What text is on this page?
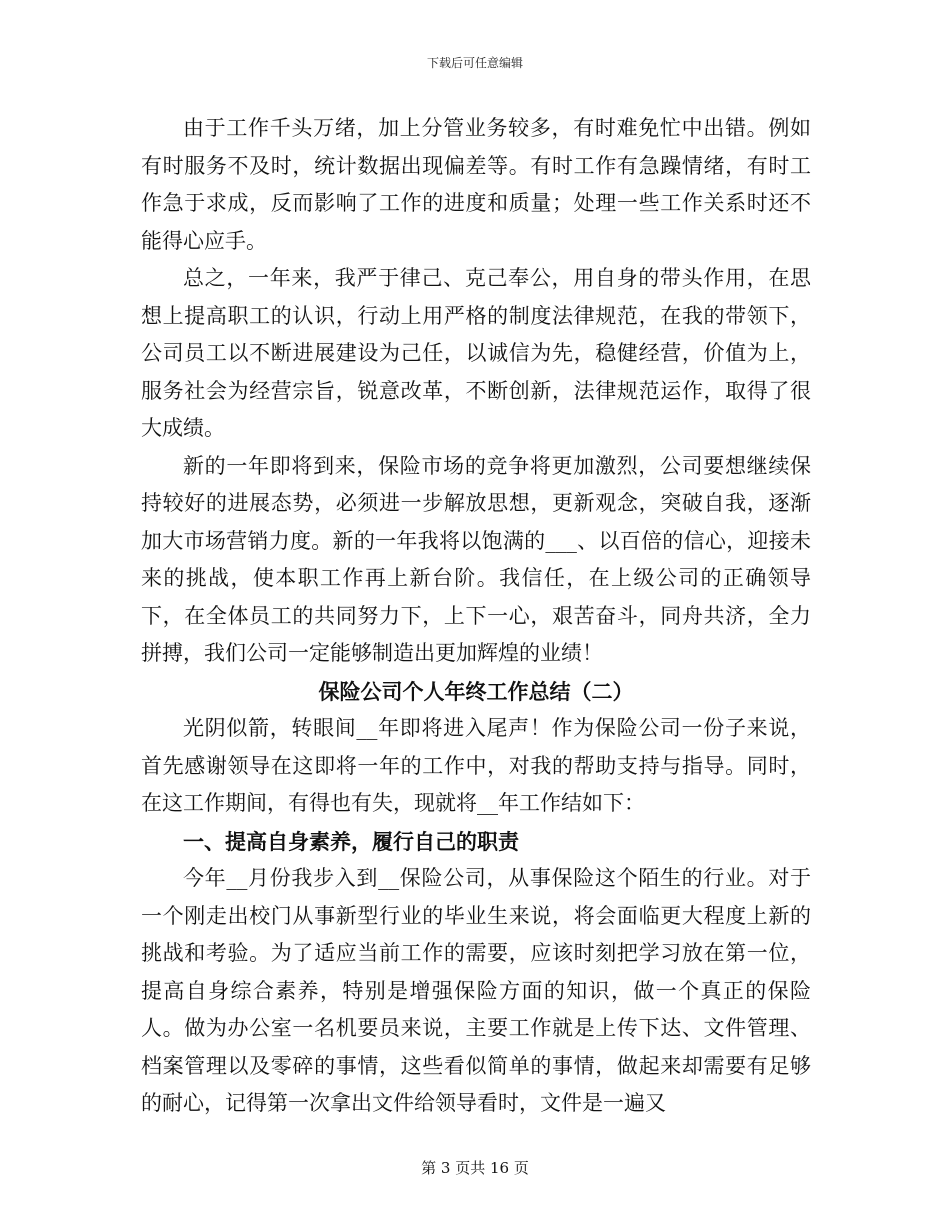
下载后可任意编辑

由于工作千头万绪，加上分管业务较多，有时难免忙中出错。例如有时服务不及时，统计数据出现偏差等。有时工作有急躁情绪，有时工作急于求成，反而影响了工作的进度和质量；处理一些工作关系时还不能得心应手。

总之，一年来，我严于律己、克己奉公，用自身的带头作用，在思想上提高职工的认识，行动上用严格的制度法律规范，在我的带领下，公司员工以不断进展建设为己任，以诚信为先，稳健经营，价值为上，服务社会为经营宗旨，锐意改革，不断创新，法律规范运作，取得了很大成绩。

新的一年即将到来，保险市场的竞争将更加激烈，公司要想继续保持较好的进展态势，必须进一步解放思想，更新观念，突破自我，逐渐加大市场营销力度。新的一年我将以饱满的___、以百倍的信心，迎接未来的挑战，使本职工作再上新台阶。我信任，在上级公司的正确领导下，在全体员工的共同努力下，上下一心，艰苦奋斗，同舟共济，全力拼搏，我们公司一定能够制造出更加辉煌的业绩！

保险公司个人年终工作总结（二）

光阴似箭，转眼间__年即将进入尾声！作为保险公司一份子来说，首先感谢领导在这即将一年的工作中，对我的帮助支持与指导。同时，在这工作期间，有得也有失，现就将__年工作结如下：

一、提高自身素养，履行自己的职责

今年__月份我步入到__保险公司，从事保险这个陌生的行业。对于一个刚走出校门从事新型行业的毕业生来说，将会面临更大程度上新的挑战和考验。为了适应当前工作的需要，应该时刻把学习放在第一位，提高自身综合素养，特别是增强保险方面的知识，做一个真正的保险人。做为办公室一名机要员来说，主要工作就是上传下达、文件管理、档案管理以及零碎的事情，这些看似简单的事情，做起来却需要有足够的耐心，记得第一次拿出文件给领导看时，文件是一遍又

第 3 页共 16 页
